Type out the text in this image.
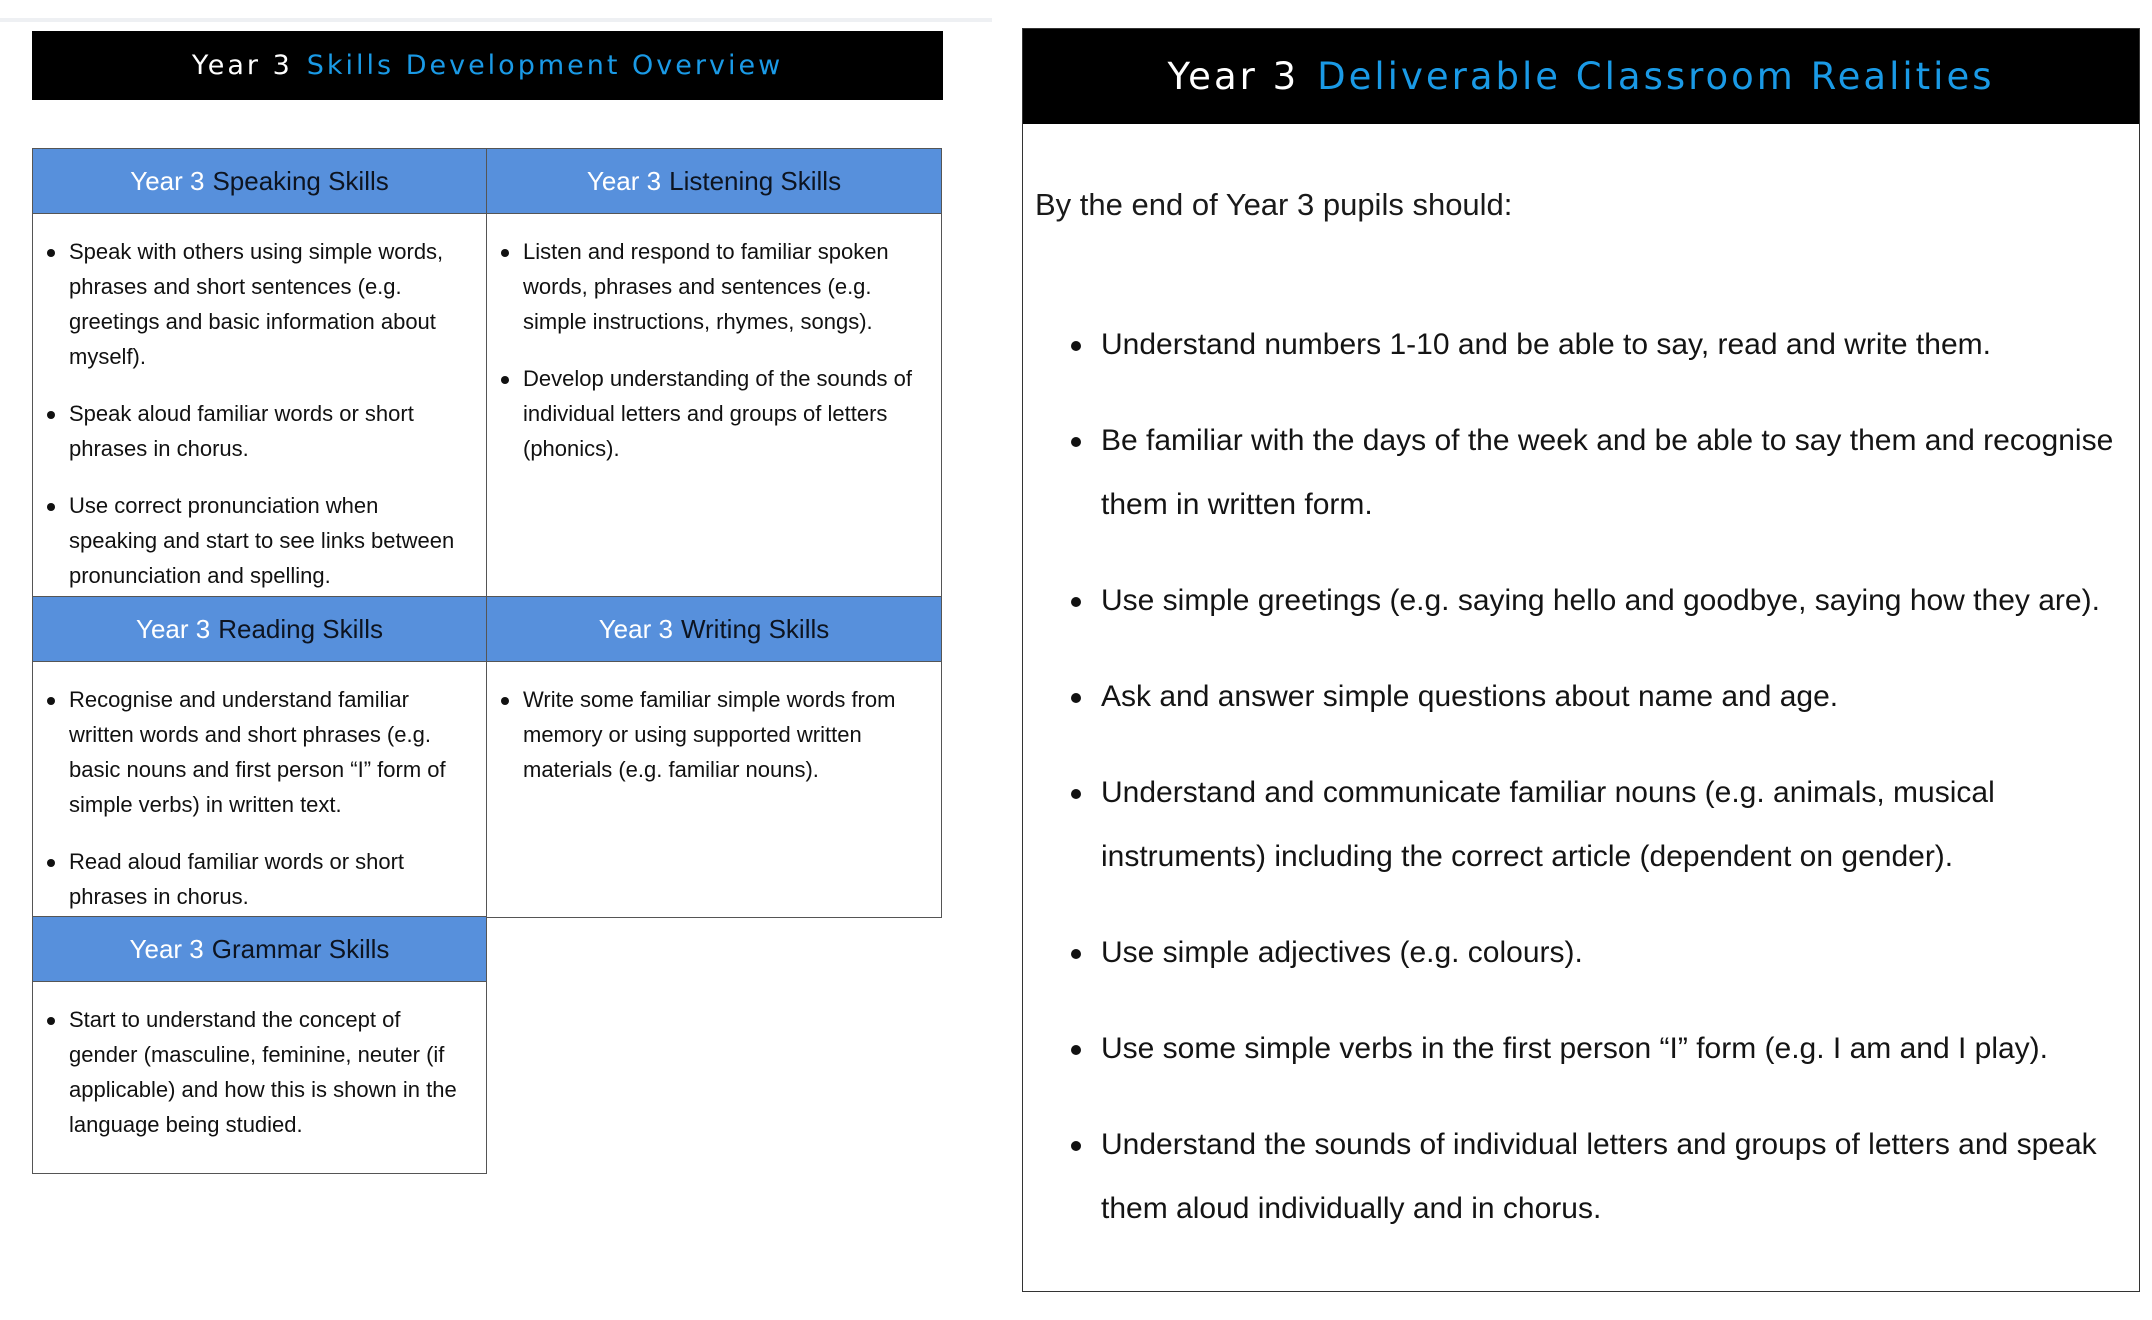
Year 3 Skills Development Overview
Year 3 Speaking Skills
Speak with others using simple words, phrases and short sentences (e.g. greetings and basic information about myself).
Speak aloud familiar words or short phrases in chorus.
Use correct pronunciation when speaking and start to see links between pronunciation and spelling.
Year 3 Listening Skills
Listen and respond to familiar spoken words, phrases and sentences (e.g. simple instructions, rhymes, songs).
Develop understanding of the sounds of individual letters and groups of letters (phonics).
Year 3 Reading Skills
Recognise and understand familiar written words and short phrases (e.g. basic nouns and first person “I” form of simple verbs) in written text.
Read aloud familiar words or short phrases in chorus.
Year 3 Writing Skills
Write some familiar simple words from memory or using supported written materials (e.g. familiar nouns).
Year 3 Grammar Skills
Start to understand the concept of gender (masculine, feminine, neuter (if applicable) and how this is shown in the language being studied.
Year 3 Deliverable Classroom Realities
By the end of Year 3 pupils should:
Understand numbers 1-10 and be able to say, read and write them.
Be familiar with the days of the week and be able to say them and recognise them in written form.
Use simple greetings (e.g. saying hello and goodbye, saying how they are).
Ask and answer simple questions about name and age.
Understand and communicate familiar nouns (e.g. animals, musical instruments) including the correct article (dependent on gender).
Use simple adjectives (e.g. colours).
Use some simple verbs in the first person “I” form (e.g. I am and I play).
Understand the sounds of individual letters and groups of letters and speak them aloud individually and in chorus.
